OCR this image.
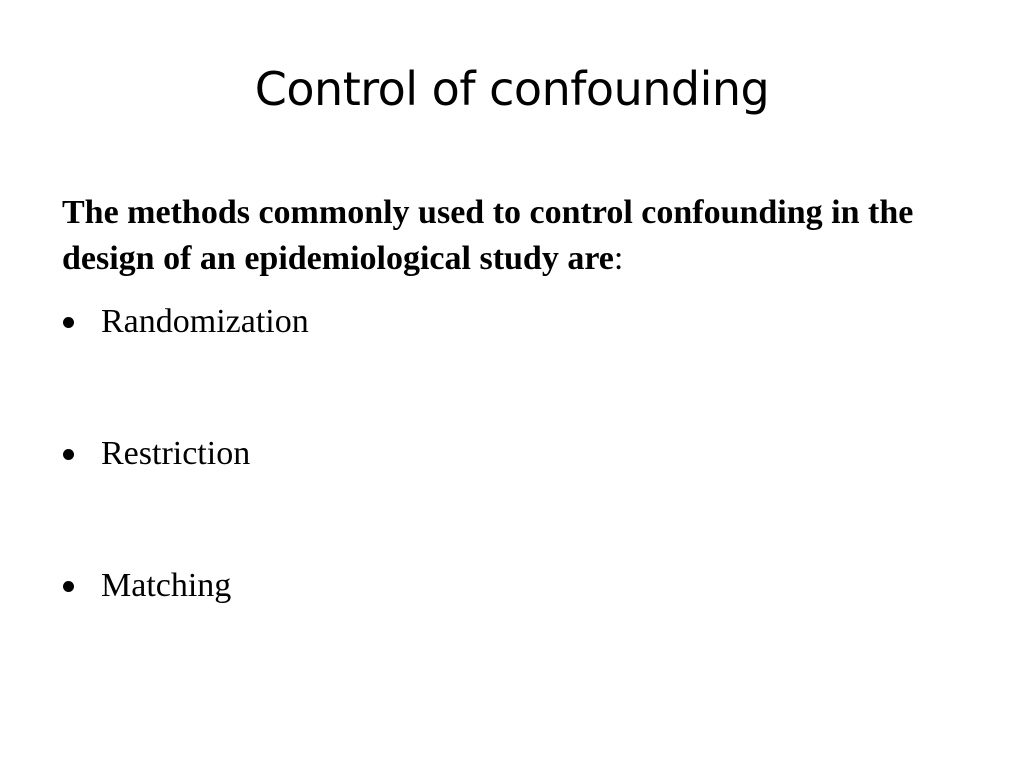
Control of confounding

The methods commonly used to control confounding in the design of an epidemiological study are:

Randomization
Restriction
Matching
